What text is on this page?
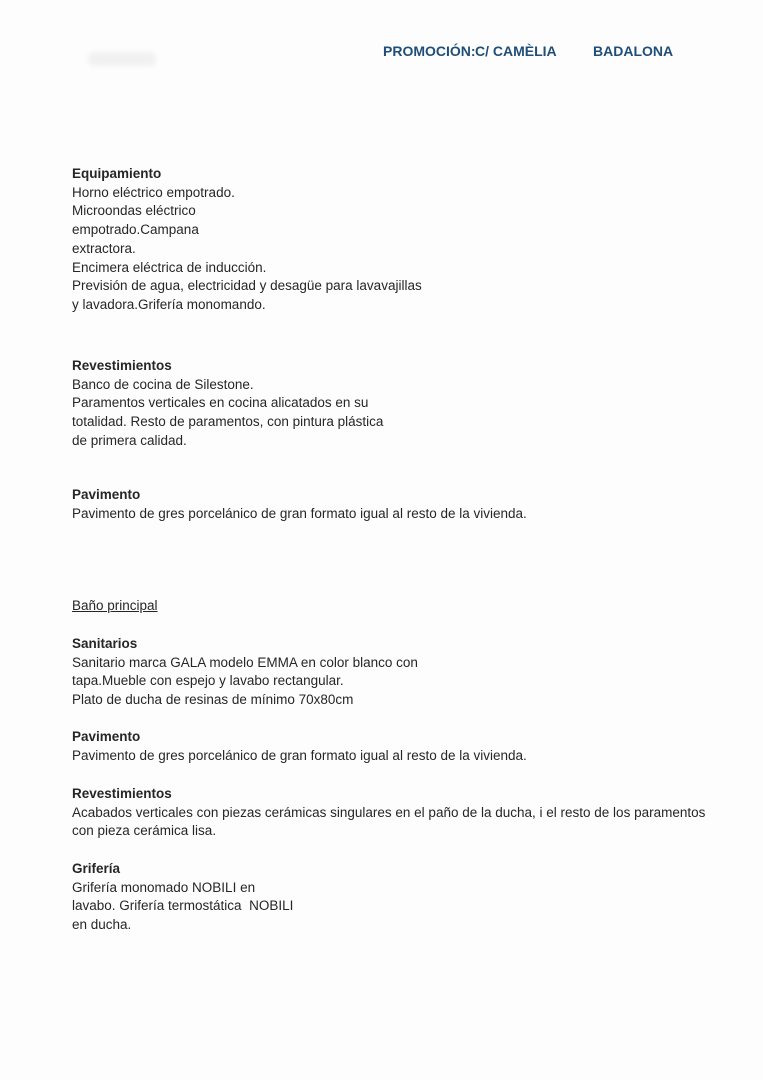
PROMOCIÓN: C/ CAMÈLIA	BADALONA
Equipamiento
Horno eléctrico empotrado.
Microondas eléctrico
empotrado.Campana
extractora.
Encimera eléctrica de inducción.
Previsión de agua, electricidad y desagüe para lavavajillas
y lavadora.Grifería monomando.
Revestimientos
Banco de cocina de Silestone.
Paramentos verticales en cocina alicatados en su
totalidad. Resto de paramentos, con pintura plástica
de primera calidad.
Pavimento
Pavimento de gres porcelánico de gran formato igual al resto de la vivienda.
Baño principal
Sanitarios
Sanitario marca GALA modelo EMMA en color blanco con
tapa.Mueble con espejo y lavabo rectangular.
Plato de ducha de resinas de mínimo 70x80cm
Pavimento
Pavimento de gres porcelánico de gran formato igual al resto de la vivienda.
Revestimientos
Acabados verticales con piezas cerámicas singulares en el paño de la ducha, i el resto de los paramentos
con pieza cerámica lisa.
Grifería
Grifería monomado NOBILI en
lavabo. Grifería termostática  NOBILI
en ducha.
